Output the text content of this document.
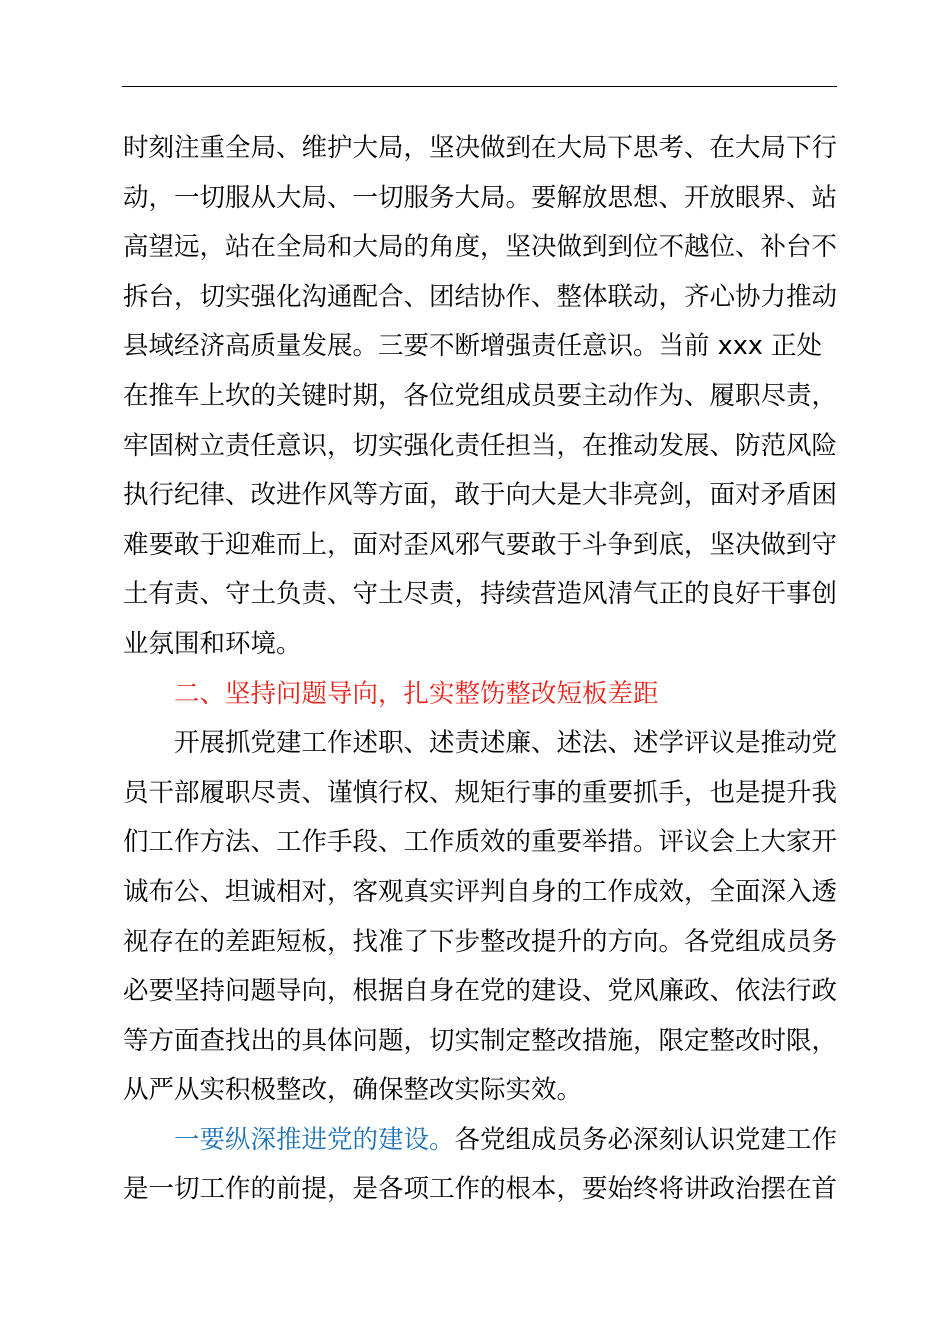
时刻注重全局、维护大局，坚决做到在大局下思考、在大局下行
动，一切服从大局、一切服务大局。要解放思想、开放眼界、站
高望远，站在全局和大局的角度，坚决做到到位不越位、补台不
拆台，切实强化沟通配合、团结协作、整体联动，齐心协力推动
县域经济高质量发展。三要不断增强责任意识。当前 xxx 正处
在推车上坎的关键时期，各位党组成员要主动作为、履职尽责，
牢固树立责任意识，切实强化责任担当，在推动发展、防范风险
执行纪律、改进作风等方面，敢于向大是大非亮剑，面对矛盾困
难要敢于迎难而上，面对歪风邪气要敢于斗争到底，坚决做到守
土有责、守土负责、守土尽责，持续营造风清气正的良好干事创
业氛围和环境。
二、坚持问题导向，扎实整饬整改短板差距
开展抓党建工作述职、述责述廉、述法、述学评议是推动党
员干部履职尽责、谨慎行权、规矩行事的重要抓手，也是提升我
们工作方法、工作手段、工作质效的重要举措。评议会上大家开
诚布公、坦诚相对，客观真实评判自身的工作成效，全面深入透
视存在的差距短板，找准了下步整改提升的方向。各党组成员务
必要坚持问题导向，根据自身在党的建设、党风廉政、依法行政
等方面查找出的具体问题，切实制定整改措施，限定整改时限，
从严从实积极整改，确保整改实际实效。
一要纵深推进党的建设。各党组成员务必深刻认识党建工作
是一切工作的前提，是各项工作的根本，要始终将讲政治摆在首
